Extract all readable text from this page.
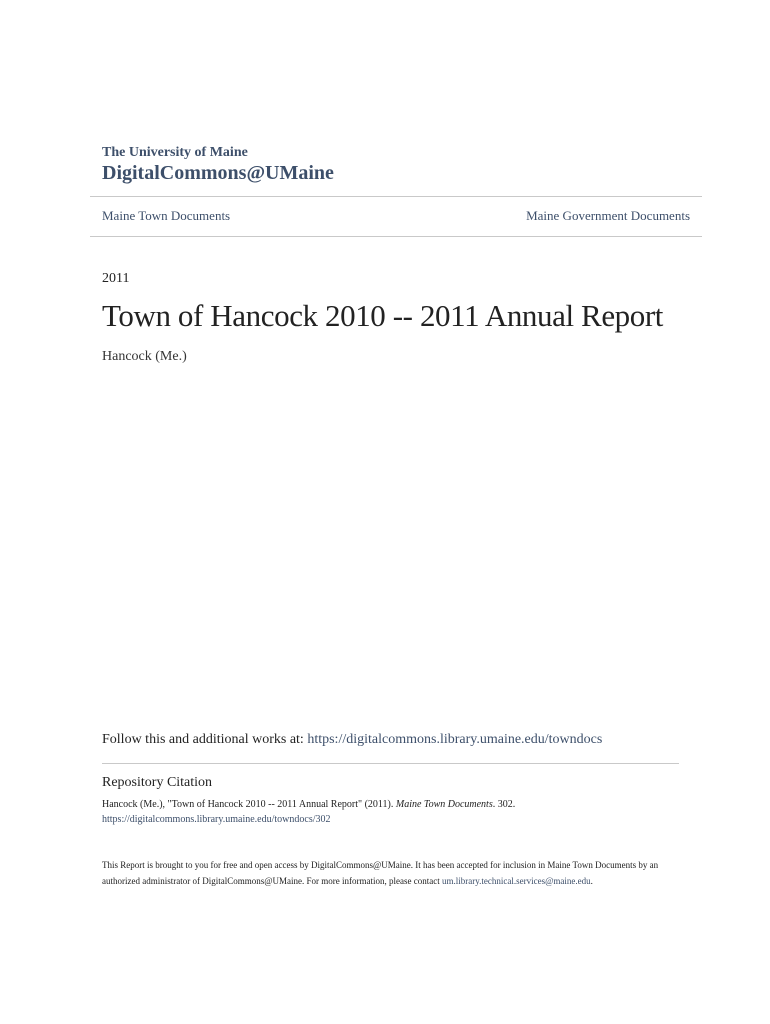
The University of Maine
DigitalCommons@UMaine
Maine Town Documents	Maine Government Documents
2011
Town of Hancock 2010 -- 2011 Annual Report
Hancock (Me.)
Follow this and additional works at: https://digitalcommons.library.umaine.edu/towndocs
Repository Citation
Hancock (Me.), "Town of Hancock 2010 -- 2011 Annual Report" (2011). Maine Town Documents. 302.
https://digitalcommons.library.umaine.edu/towndocs/302
This Report is brought to you for free and open access by DigitalCommons@UMaine. It has been accepted for inclusion in Maine Town Documents by an authorized administrator of DigitalCommons@UMaine. For more information, please contact um.library.technical.services@maine.edu.
